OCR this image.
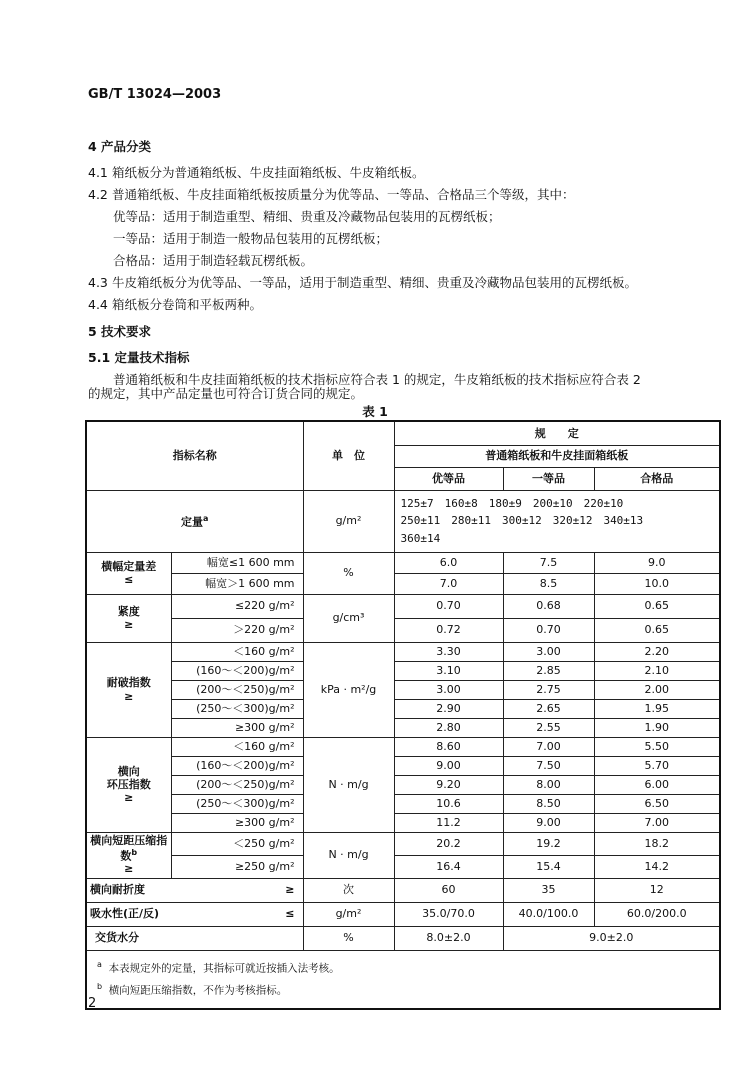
GB/T 13024—2003
4 产品分类
4.1 箱纸板分为普通箱纸板、牛皮挂面箱纸板、牛皮箱纸板。
4.2 普通箱纸板、牛皮挂面箱纸板按质量分为优等品、一等品、合格品三个等级，其中：
优等品：适用于制造重型、精细、贵重及冷藏物品包装用的瓦楞纸板；
一等品：适用于制造一般物品包装用的瓦楞纸板；
合格品：适用于制造轻载瓦楞纸板。
4.3 牛皮箱纸板分为优等品、一等品，适用于制造重型、精细、贵重及冷藏物品包装用的瓦楞纸板。
4.4 箱纸板分卷筒和平板两种。
5 技术要求
5.1 定量技术指标
普通箱纸板和牛皮挂面箱纸板的技术指标应符合表 1 的规定，牛皮箱纸板的技术指标应符合表 2
的规定，其中产品定量也可符合订货合同的规定。
表 1
指标名称		单　位	规　　定		
			普通箱纸板和牛皮挂面箱纸板		
			优等品	一等品	合格品
定量$^a$		g/m²	125±7　160±8　180±9　200±10　220±10
250±11　280±11　300±12　320±12　340±13
360±14		
横幅定量差
≤	幅宽≤1 600 mm	%	6.0	7.5	9.0
	幅宽＞1 600 mm		7.0	8.5	10.0
紧度
≥	≤220 g/m²	g/cm³	0.70	0.68	0.65
	＞220 g/m²		0.72	0.70	0.65
耐破指数
≥	＜160 g/m²	kPa · m²/g	3.30	3.00	2.20
	(160～＜200)g/m²		3.10	2.85	2.10
	(200～＜250)g/m²		3.00	2.75	2.00
	(250～＜300)g/m²		2.90	2.65	1.95
	≥300 g/m²		2.80	2.55	1.90
横向
环压指数
≥	＜160 g/m²	N · m/g	8.60	7.00	5.50
	(160～＜200)g/m²		9.00	7.50	5.70
	(200～＜250)g/m²		9.20	8.00	6.00
	(250～＜300)g/m²		10.6	8.50	6.50
	≥300 g/m²		11.2	9.00	7.00
横向短距压缩指数$^b$
≥	＜250 g/m²	N · m/g	20.2	19.2	18.2
	≥250 g/m²		16.4	15.4	14.2
横向耐折度 ≥		次	60	35	12
吸水性(正/反) ≤		g/m²	35.0/70.0	40.0/100.0	60.0/200.0
交货水分		%	8.0±2.0	9.0±2.0	

$^a$ 本表规定外的定量，其指标可就近按插入法考核。
$^b$ 横向短距压缩指数，不作为考核指标。					
2
